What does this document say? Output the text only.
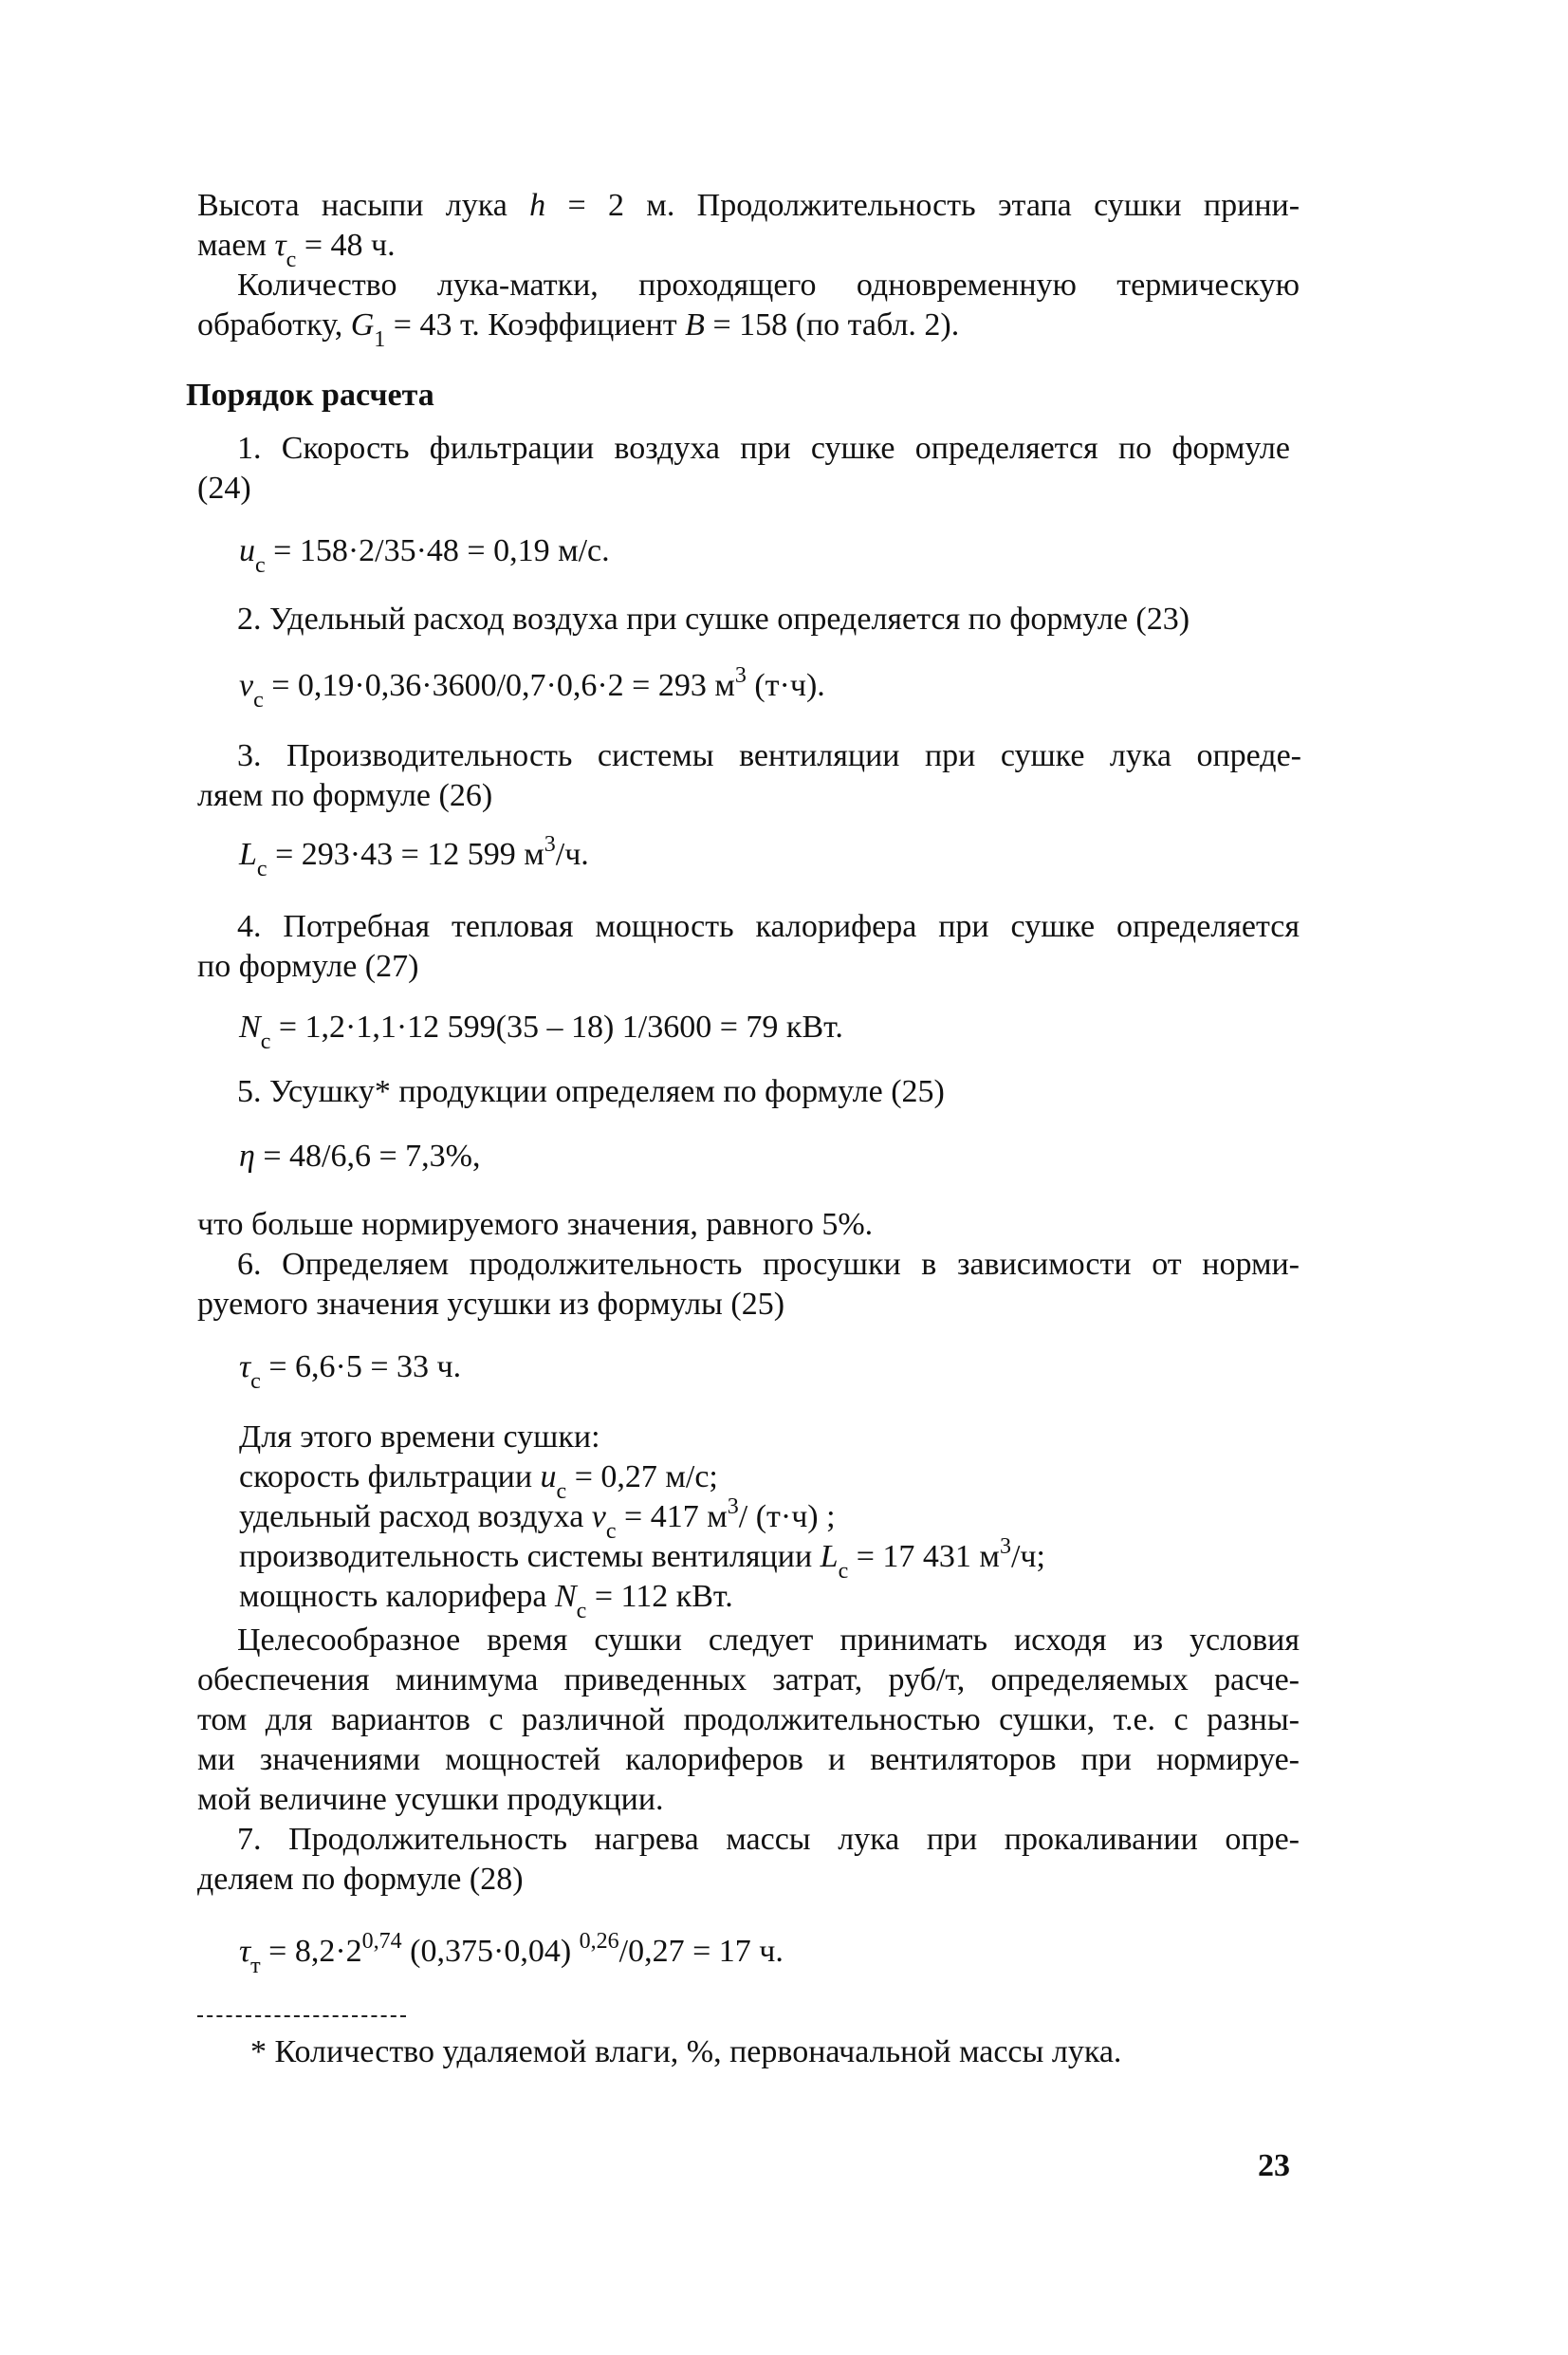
Высота насыпи лука h = 2 м. Продолжительность этапа сушки прини-
маем $\tau_с = 48$ ч.
Количество лука-матки, проходящего одновременную термическую
обработку, $G_1 = 43$ т. Коэффициент B = 158 (по табл. 2).
Порядок расчета
1. Скорость фильтрации воздуха при сушке определяется по формуле
(24)
$и_с = 158\cdot 2/35\cdot 48 = 0,19$ м/с.
2. Удельный расход воздуха при сушке определяется по формуле (23)
$\nu_с = 0,19\cdot 0,36\cdot 3600/0,7\cdot 0,6\cdot 2 = 293$ $м^3$ (т·ч).
3. Производительность системы вентиляции при сушке лука опреде-
ляем по формуле (26)
$L_с = 293\cdot 43 = 12$ 599 $м^3/ч$.
4. Потребная тепловая мощность калорифера при сушке определяется
по формуле (27)
$N_с = 1,2\cdot 1,1\cdot 12$ 599(35 – 18) 1/3600 = 79 кВт.
5. Усушку* продукции определяем по формуле (25)
η = 48/6,6 = 7,3%,
что больше нормируемого значения, равного 5%.
6. Определяем продолжительность просушки в зависимости от норми-
руемого значения усушки из формулы (25)
$\tau_с = 6,6\cdot 5 = 33$ ч.
Для этого времени сушки:
скорость фильтрации $и_с = 0,27$ м/с;
удельный расход воздуха $\nu_с = 417$ $м^3/$ (т·ч) ;
производительность системы вентиляции $L_с = 17$ 431 $м^3/ч$;
мощность калорифера $N_с = 112$ кВт.
Целесообразное время сушки следует принимать исходя из условия
обеспечения минимума приведенных затрат, руб/т, определяемых расче-
том для вариантов с различной продолжительностью сушки, т.е. с разны-
ми значениями мощностей калориферов и вентиляторов при нормируе-
мой величине усушки продукции.
7. Продолжительность нагрева массы лука при прокаливании опре-
деляем по формуле (28)
$\tau_т = 8,2\cdot 2^{0,74}$ (0,375·0,04) $^{0,26}$/0,27 = 17 ч.
* Количество удаляемой влаги, %, первоначальной массы лука.
23
